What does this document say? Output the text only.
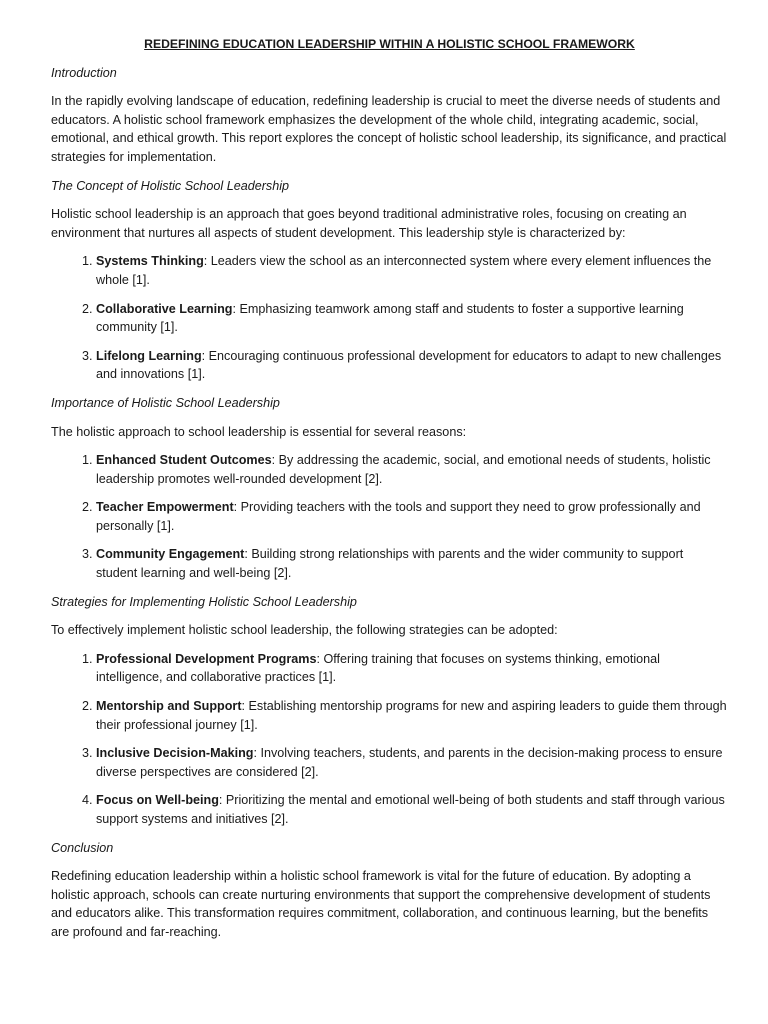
REDEFINING EDUCATION LEADERSHIP WITHIN A HOLISTIC SCHOOL FRAMEWORK
Introduction
In the rapidly evolving landscape of education, redefining leadership is crucial to meet the diverse needs of students and educators. A holistic school framework emphasizes the development of the whole child, integrating academic, social, emotional, and ethical growth. This report explores the concept of holistic school leadership, its significance, and practical strategies for implementation.
The Concept of Holistic School Leadership
Holistic school leadership is an approach that goes beyond traditional administrative roles, focusing on creating an environment that nurtures all aspects of student development. This leadership style is characterized by:
1. Systems Thinking: Leaders view the school as an interconnected system where every element influences the whole [1].
2. Collaborative Learning: Emphasizing teamwork among staff and students to foster a supportive learning community [1].
3. Lifelong Learning: Encouraging continuous professional development for educators to adapt to new challenges and innovations [1].
Importance of Holistic School Leadership
The holistic approach to school leadership is essential for several reasons:
1. Enhanced Student Outcomes: By addressing the academic, social, and emotional needs of students, holistic leadership promotes well-rounded development [2].
2. Teacher Empowerment: Providing teachers with the tools and support they need to grow professionally and personally [1].
3. Community Engagement: Building strong relationships with parents and the wider community to support student learning and well-being [2].
Strategies for Implementing Holistic School Leadership
To effectively implement holistic school leadership, the following strategies can be adopted:
1. Professional Development Programs: Offering training that focuses on systems thinking, emotional intelligence, and collaborative practices [1].
2. Mentorship and Support: Establishing mentorship programs for new and aspiring leaders to guide them through their professional journey [1].
3. Inclusive Decision-Making: Involving teachers, students, and parents in the decision-making process to ensure diverse perspectives are considered [2].
4. Focus on Well-being: Prioritizing the mental and emotional well-being of both students and staff through various support systems and initiatives [2].
Conclusion
Redefining education leadership within a holistic school framework is vital for the future of education. By adopting a holistic approach, schools can create nurturing environments that support the comprehensive development of students and educators alike. This transformation requires commitment, collaboration, and continuous learning, but the benefits are profound and far-reaching.
